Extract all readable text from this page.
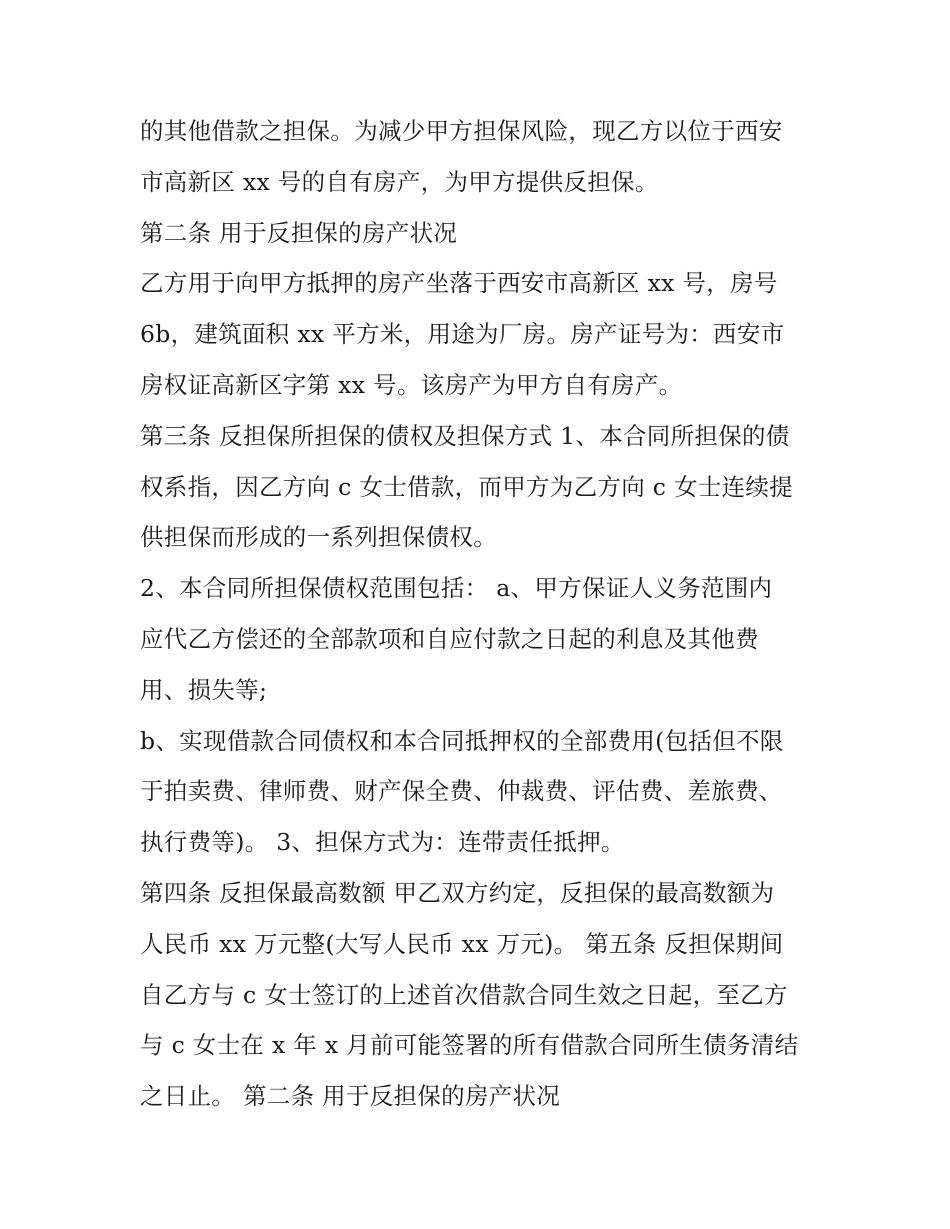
的其他借款之担保。为减少甲方担保风险，现乙方以位于西安
市高新区 xx 号的自有房产，为甲方提供反担保。
第二条 用于反担保的房产状况
乙方用于向甲方抵押的房产坐落于西安市高新区 xx 号，房号
6b，建筑面积 xx 平方米，用途为厂房。房产证号为：西安市
房权证高新区字第 xx 号。该房产为甲方自有房产。
第三条 反担保所担保的债权及担保方式 1、本合同所担保的债
权系指，因乙方向 c 女士借款，而甲方为乙方向 c 女士连续提
供担保而形成的一系列担保债权。
2、本合同所担保债权范围包括： a、甲方保证人义务范围内
应代乙方偿还的全部款项和自应付款之日起的利息及其他费
用、损失等;
b、实现借款合同债权和本合同抵押权的全部费用(包括但不限
于拍卖费、律师费、财产保全费、仲裁费、评估费、差旅费、
执行费等)。 3、担保方式为：连带责任抵押。
第四条 反担保最高数额 甲乙双方约定，反担保的最高数额为
人民币 xx 万元整(大写人民币 xx 万元)。 第五条 反担保期间
自乙方与 c 女士签订的上述首次借款合同生效之日起，至乙方
与 c 女士在 x 年 x 月前可能签署的所有借款合同所生债务清结
之日止。 第二条 用于反担保的房产状况
